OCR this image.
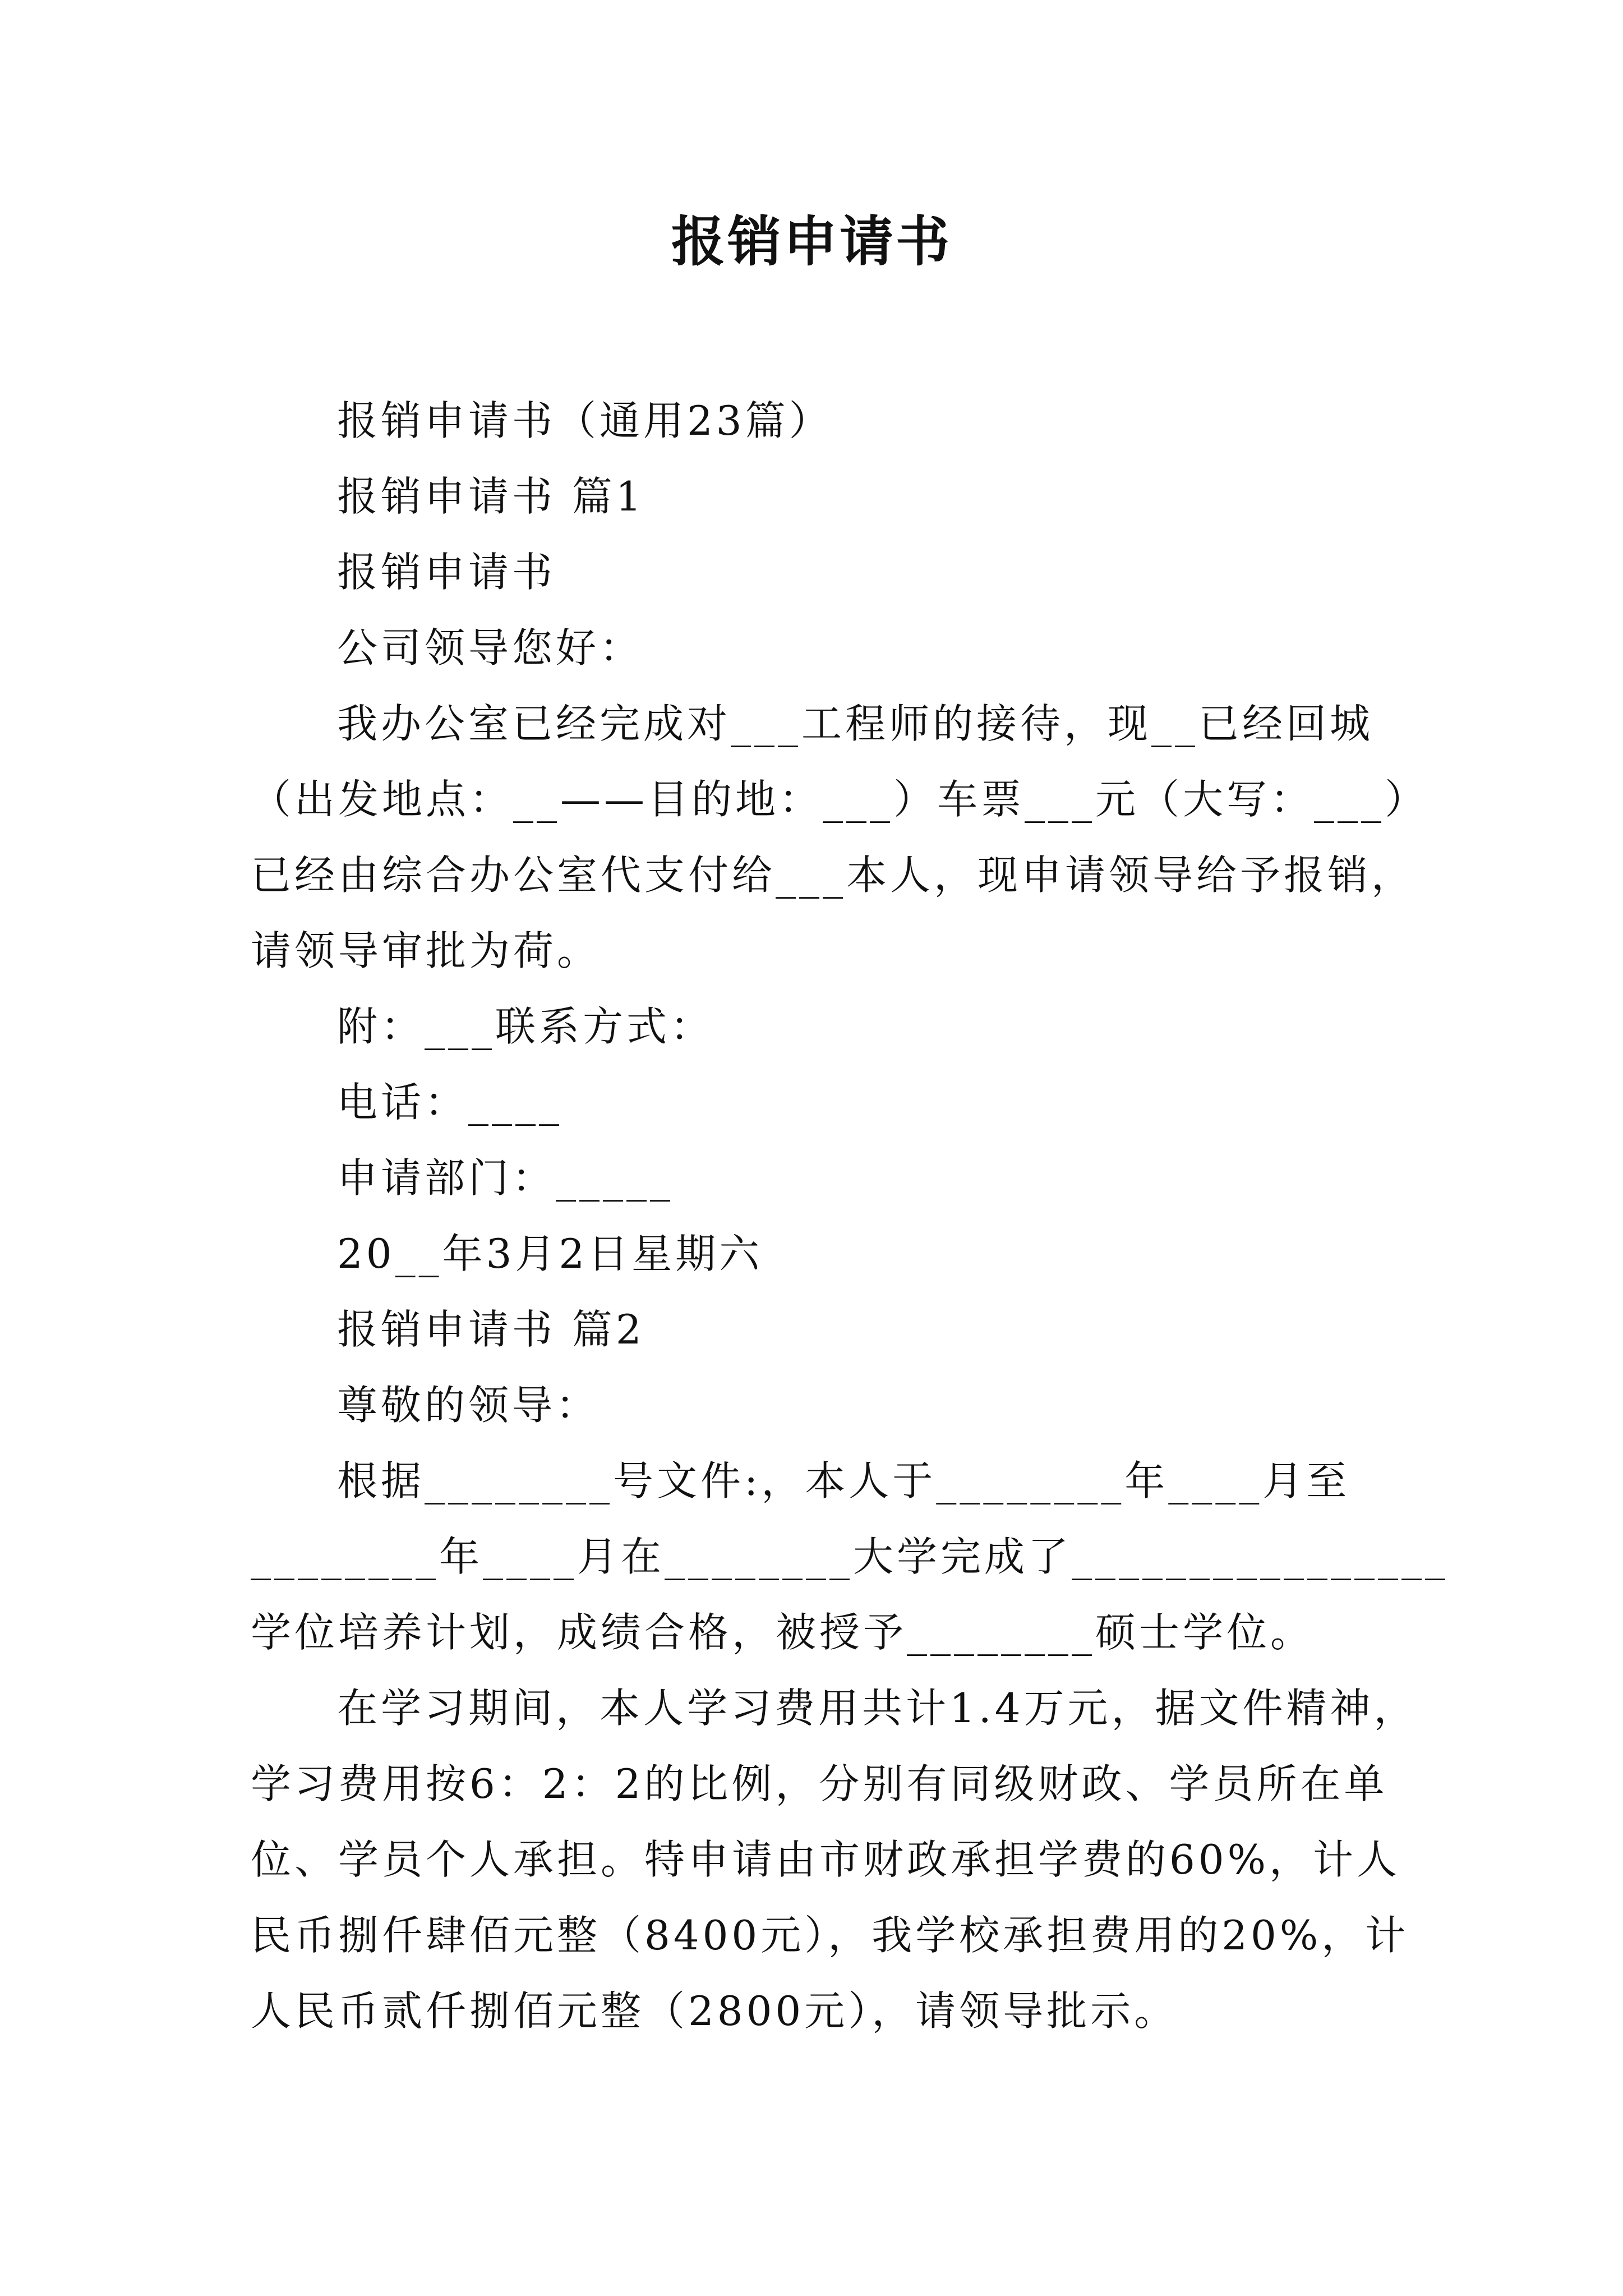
报销申请书
报销申请书（通用23篇）
报销申请书 篇1
报销申请书
公司领导您好：
我办公室已经完成对___工程师的接待，现__已经回城
（出发地点：__——目的地：___）车票___元（大写：___）
已经由综合办公室代支付给___本人，现申请领导给予报销，
请领导审批为荷。
附：___联系方式：
电话：____
申请部门：_____
20__年3月2日星期六
报销申请书 篇2
尊敬的领导：
根据________号文件:，本人于________年____月至
________年____月在________大学完成了________________
学位培养计划，成绩合格，被授予________硕士学位。
在学习期间，本人学习费用共计1.4万元，据文件精神，
学习费用按6：2：2的比例，分别有同级财政、学员所在单
位、学员个人承担。特申请由市财政承担学费的60%，计人
民币捌仟肆佰元整（8400元），我学校承担费用的20%，计
人民币贰仟捌佰元整（2800元），请领导批示。
